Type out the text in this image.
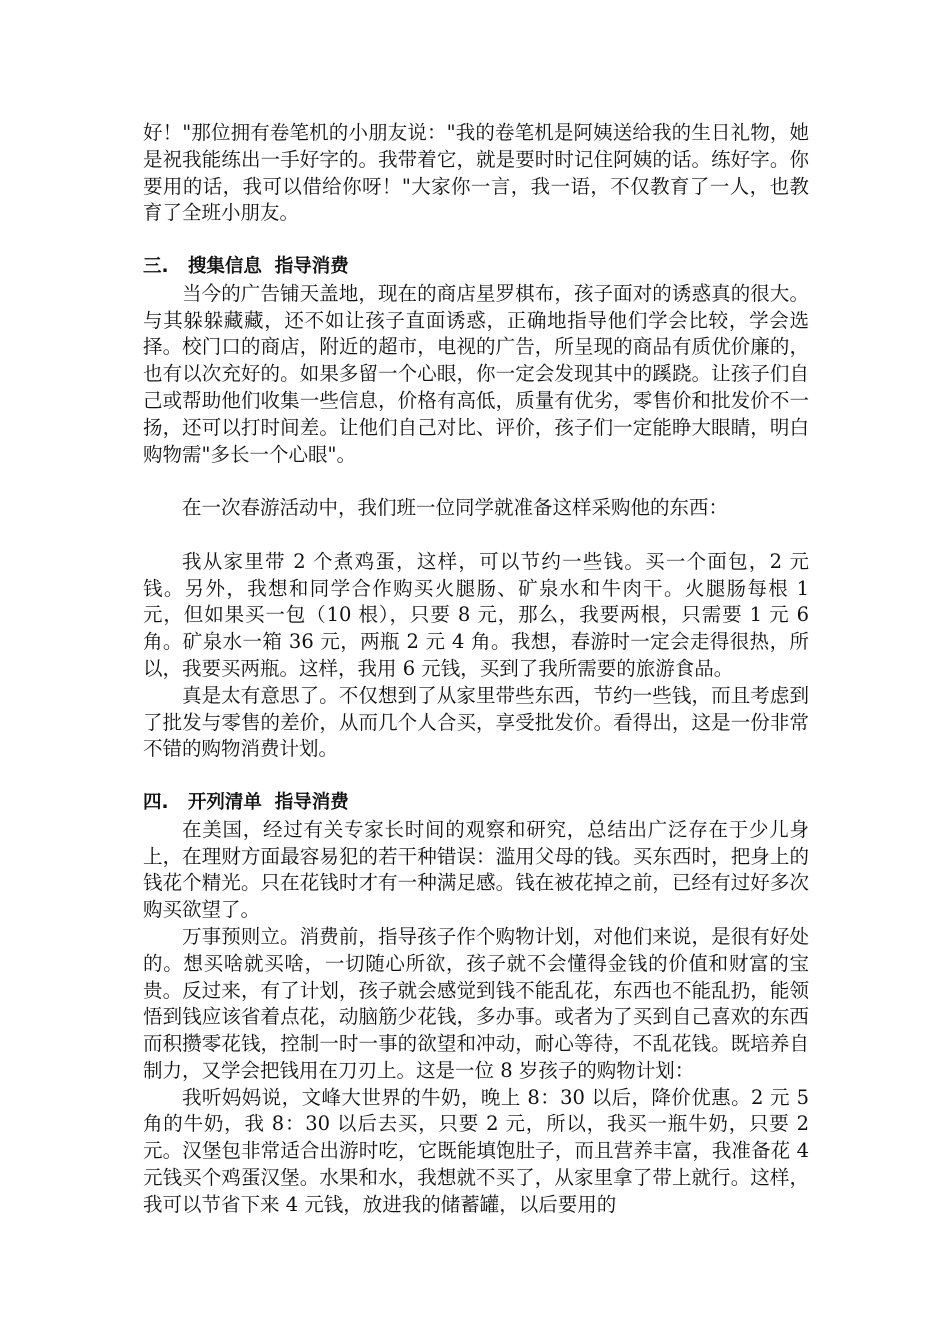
好！"那位拥有卷笔机的小朋友说："我的卷笔机是阿姨送给我的生日礼物，她是祝我能练出一手好字的。我带着它，就是要时时记住阿姨的话。练好字。你要用的话，我可以借给你呀！"大家你一言，我一语，不仅教育了一人，也教育了全班小朋友。

三.   搜集信息  指导消费

当今的广告铺天盖地，现在的商店星罗棋布，孩子面对的诱惑真的很大。与其躲躲藏藏，还不如让孩子直面诱惑，正确地指导他们学会比较，学会选择。校门口的商店，附近的超市，电视的广告，所呈现的商品有质优价廉的，也有以次充好的。如果多留一个心眼，你一定会发现其中的蹊跷。让孩子们自己或帮助他们收集一些信息，价格有高低，质量有优劣，零售价和批发价不一扬，还可以打时间差。让他们自己对比、评价，孩子们一定能睁大眼睛，明白购物需"多长一个心眼"。

在一次春游活动中，我们班一位同学就准备这样采购他的东西：

我从家里带 2 个煮鸡蛋，这样，可以节约一些钱。买一个面包，2 元钱。另外，我想和同学合作购买火腿肠、矿泉水和牛肉干。火腿肠每根 1 元，但如果买一包（10 根），只要 8 元，那么，我要两根，只需要 1 元 6 角。矿泉水一箱 36 元，两瓶 2 元 4 角。我想，春游时一定会走得很热，所以，我要买两瓶。这样，我用 6 元钱，买到了我所需要的旅游食品。

真是太有意思了。不仅想到了从家里带些东西，节约一些钱，而且考虑到了批发与零售的差价，从而几个人合买，享受批发价。看得出，这是一份非常不错的购物消费计划。

四.   开列清单  指导消费

在美国，经过有关专家长时间的观察和研究，总结出广泛存在于少儿身上，在理财方面最容易犯的若干种错误：滥用父母的钱。买东西时，把身上的钱花个精光。只在花钱时才有一种满足感。钱在被花掉之前，已经有过好多次购买欲望了。

万事预则立。消费前，指导孩子作个购物计划，对他们来说，是很有好处的。想买啥就买啥，一切随心所欲，孩子就不会懂得金钱的价值和财富的宝贵。反过来，有了计划，孩子就会感觉到钱不能乱花，东西也不能乱扔，能领悟到钱应该省着点花，动脑筋少花钱，多办事。或者为了买到自己喜欢的东西而积攒零花钱，控制一时一事的欲望和冲动，耐心等待，不乱花钱。既培养自制力，又学会把钱用在刀刃上。这是一位 8 岁孩子的购物计划：

我听妈妈说，文峰大世界的牛奶，晚上 8：30 以后，降价优惠。2 元 5 角的牛奶，我 8：30 以后去买，只要 2 元，所以，我买一瓶牛奶，只要 2 元。汉堡包非常适合出游时吃，它既能填饱肚子，而且营养丰富，我准备花 4 元钱买个鸡蛋汉堡。水果和水，我想就不买了，从家里拿了带上就行。这样，我可以节省下来 4 元钱，放进我的储蓄罐，以后要用的
